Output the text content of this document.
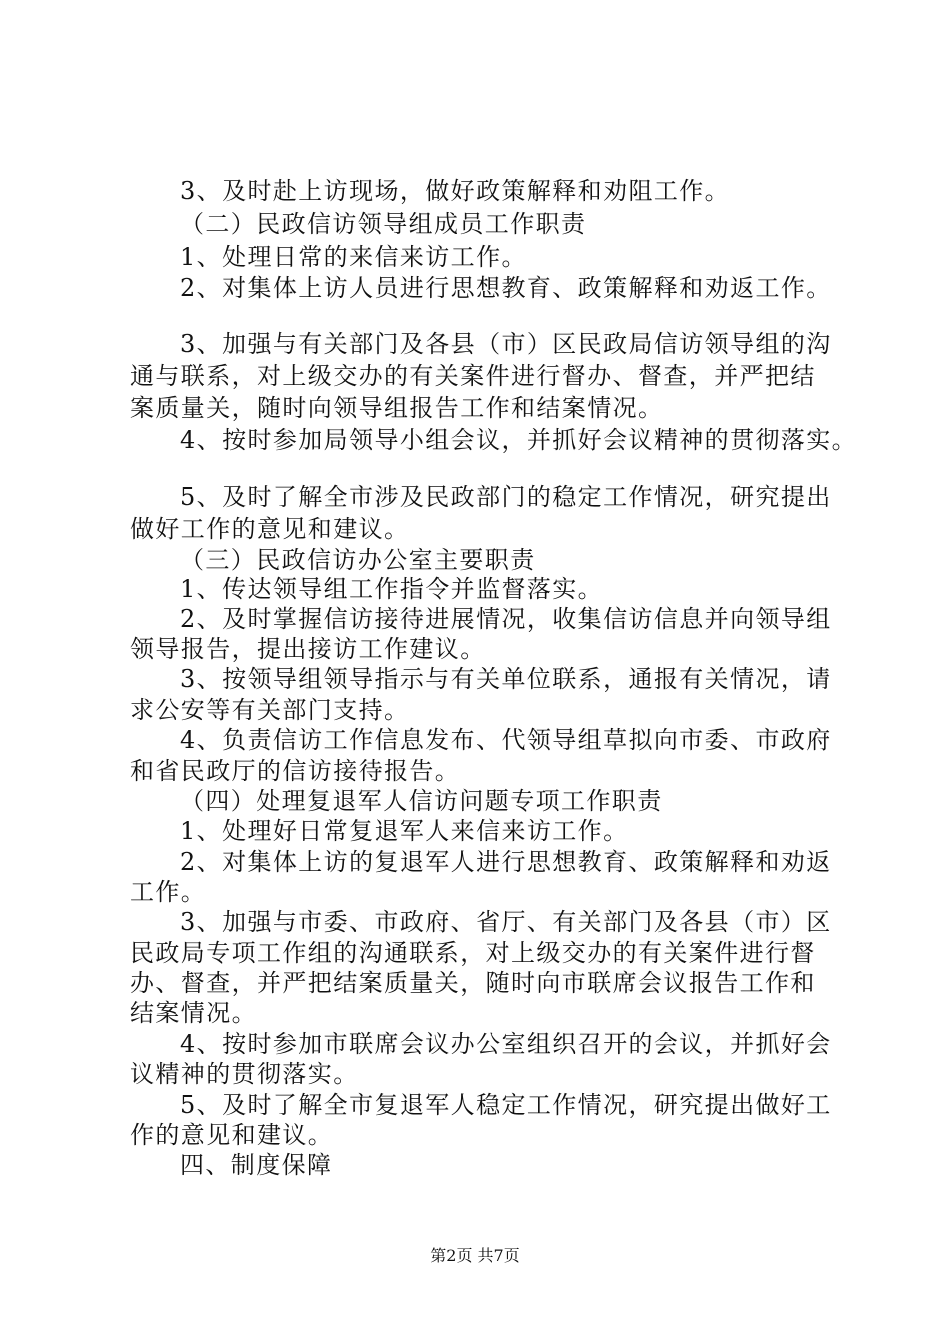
3、及时赴上访现场，做好政策解释和劝阻工作。
（二）民政信访领导组成员工作职责
1、处理日常的来信来访工作。
2、对集体上访人员进行思想教育、政策解释和劝返工作。
3、加强与有关部门及各县（市）区民政局信访领导组的沟
通与联系，对上级交办的有关案件进行督办、督查，并严把结
案质量关，随时向领导组报告工作和结案情况。
4、按时参加局领导小组会议，并抓好会议精神的贯彻落实。
5、及时了解全市涉及民政部门的稳定工作情况，研究提出
做好工作的意见和建议。
（三）民政信访办公室主要职责
1、传达领导组工作指令并监督落实。
2、及时掌握信访接待进展情况，收集信访信息并向领导组
领导报告，提出接访工作建议。
3、按领导组领导指示与有关单位联系，通报有关情况，请
求公安等有关部门支持。
4、负责信访工作信息发布、代领导组草拟向市委、市政府
和省民政厅的信访接待报告。
（四）处理复退军人信访问题专项工作职责
1、处理好日常复退军人来信来访工作。
2、对集体上访的复退军人进行思想教育、政策解释和劝返
工作。
3、加强与市委、市政府、省厅、有关部门及各县（市）区
民政局专项工作组的沟通联系，对上级交办的有关案件进行督
办、督查，并严把结案质量关，随时向市联席会议报告工作和
结案情况。
4、按时参加市联席会议办公室组织召开的会议，并抓好会
议精神的贯彻落实。
5、及时了解全市复退军人稳定工作情况，研究提出做好工
作的意见和建议。
四、制度保障
第2页 共7页
